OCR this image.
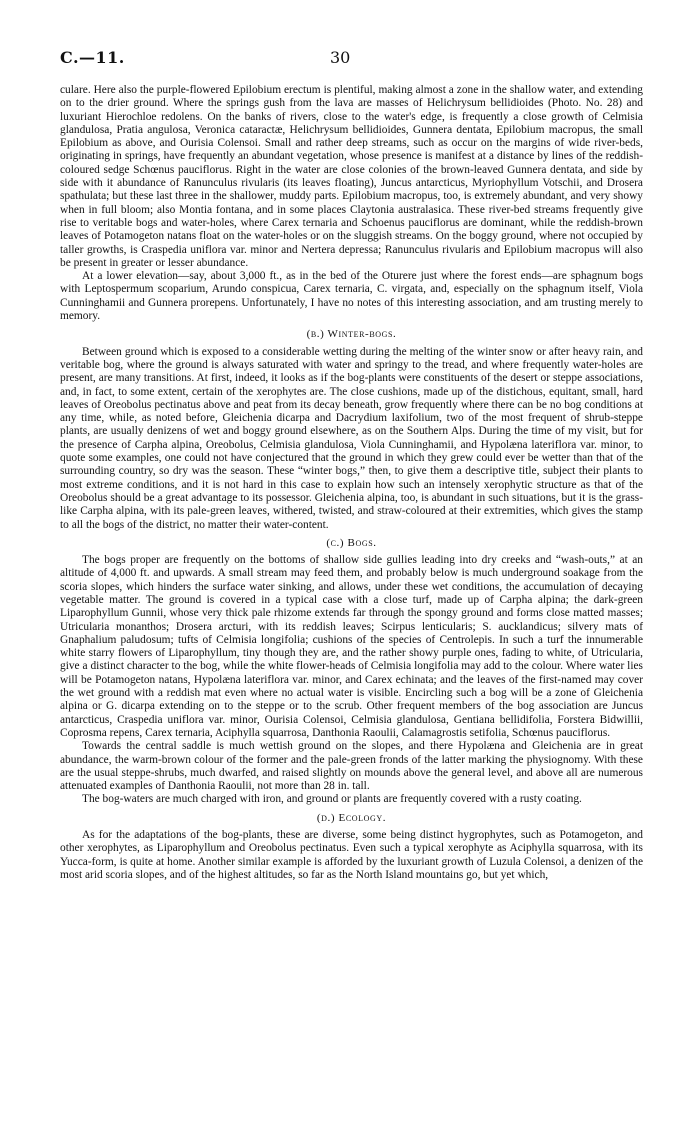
C.—11.	30

culare. Here also the purple-flowered Epilobium erectum is plentiful, making almost a zone in the shallow water, and extending on to the drier ground. Where the springs gush from the lava are masses of Helichrysum bellidioides (Photo. No. 28) and luxuriant Hierochloe redolens. On the banks of rivers, close to the water's edge, is frequently a close growth of Celmisia glandulosa, Pratia angulosa, Veronica cataractæ, Helichrysum bellidioides, Gunnera dentata, Epilobium macropus, the small Epilobium as above, and Ourisia Colensoi. Small and rather deep streams, such as occur on the margins of wide river-beds, originating in springs, have frequently an abundant vegetation, whose presence is manifest at a distance by lines of the reddish-coloured sedge Schœnus pauciflorus. Right in the water are close colonies of the brown-leaved Gunnera dentata, and side by side with it abundance of Ranunculus rivularis (its leaves floating), Juncus antarcticus, Myriophyllum Votschii, and Drosera spathulata; but these last three in the shallower, muddy parts. Epilobium macropus, too, is extremely abundant, and very showy when in full bloom; also Montia fontana, and in some places Claytonia australasica. These river-bed streams frequently give rise to veritable bogs and water-holes, where Carex ternaria and Schoenus pauciflorus are dominant, while the reddish-brown leaves of Potamogeton natans float on the water-holes or on the sluggish streams. On the boggy ground, where not occupied by taller growths, is Craspedia uniflora var. minor and Nertera depressa; Ranunculus rivularis and Epilobium macropus will also be present in greater or lesser abundance.

At a lower elevation—say, about 3,000 ft., as in the bed of the Oturere just where the forest ends—are sphagnum bogs with Leptospermum scoparium, Arundo conspicua, Carex ternaria, C. virgata, and, especially on the sphagnum itself, Viola Cunninghamii and Gunnera prorepens. Unfortunately, I have no notes of this interesting association, and am trusting merely to memory.

(b.) Winter-bogs.

Between ground which is exposed to a considerable wetting during the melting of the winter snow or after heavy rain, and veritable bog, where the ground is always saturated with water and springy to the tread, and where frequently water-holes are present, are many transitions. At first, indeed, it looks as if the bog-plants were constituents of the desert or steppe associations, and, in fact, to some extent, certain of the xerophytes are. The close cushions, made up of the distichous, equitant, small, hard leaves of Oreobolus pectinatus above and peat from its decay beneath, grow frequently where there can be no bog conditions at any time, while, as noted before, Gleichenia dicarpa and Dacrydium laxifolium, two of the most frequent of shrub-steppe plants, are usually denizens of wet and boggy ground elsewhere, as on the Southern Alps. During the time of my visit, but for the presence of Carpha alpina, Oreobolus, Celmisia glandulosa, Viola Cunninghamii, and Hypolæna lateriflora var. minor, to quote some examples, one could not have conjectured that the ground in which they grew could ever be wetter than that of the surrounding country, so dry was the season. These “winter bogs,” then, to give them a descriptive title, subject their plants to most extreme conditions, and it is not hard in this case to explain how such an intensely xerophytic structure as that of the Oreobolus should be a great advantage to its possessor. Gleichenia alpina, too, is abundant in such situations, but it is the grass-like Carpha alpina, with its pale-green leaves, withered, twisted, and straw-coloured at their extremities, which gives the stamp to all the bogs of the district, no matter their water-content.

(c.) Bogs.

The bogs proper are frequently on the bottoms of shallow side gullies leading into dry creeks and “wash-outs,” at an altitude of 4,000 ft. and upwards. A small stream may feed them, and probably below is much underground soakage from the scoria slopes, which hinders the surface water sinking, and allows, under these wet conditions, the accumulation of decaying vegetable matter. The ground is covered in a typical case with a close turf, made up of Carpha alpina; the dark-green Liparophyllum Gunnii, whose very thick pale rhizome extends far through the spongy ground and forms close matted masses; Utricularia monanthos; Drosera arcturi, with its reddish leaves; Scirpus lenticularis; S. aucklandicus; silvery mats of Gnaphalium paludosum; tufts of Celmisia longifolia; cushions of the species of Centrolepis. In such a turf the innumerable white starry flowers of Liparophyllum, tiny though they are, and the rather showy purple ones, fading to white, of Utricularia, give a distinct character to the bog, while the white flower-heads of Celmisia longifolia may add to the colour. Where water lies will be Potamogeton natans, Hypolæna lateriflora var. minor, and Carex echinata; and the leaves of the first-named may cover the wet ground with a reddish mat even where no actual water is visible. Encircling such a bog will be a zone of Gleichenia alpina or G. dicarpa extending on to the steppe or to the scrub. Other frequent members of the bog association are Juncus antarcticus, Craspedia uniflora var. minor, Ourisia Colensoi, Celmisia glandulosa, Gentiana bellidifolia, Forstera Bidwillii, Coprosma repens, Carex ternaria, Aciphylla squarrosa, Danthonia Raoulii, Calamagrostis setifolia, Schœnus pauciflorus.

Towards the central saddle is much wettish ground on the slopes, and there Hypolæna and Gleichenia are in great abundance, the warm-brown colour of the former and the pale-green fronds of the latter marking the physiognomy. With these are the usual steppe-shrubs, much dwarfed, and raised slightly on mounds above the general level, and above all are numerous attenuated examples of Danthonia Raoulii, not more than 28 in. tall.

The bog-waters are much charged with iron, and ground or plants are frequently covered with a rusty coating.

(d.) Ecology.

As for the adaptations of the bog-plants, these are diverse, some being distinct hygrophytes, such as Potamogeton, and other xerophytes, as Liparophyllum and Oreobolus pectinatus. Even such a typical xerophyte as Aciphylla squarrosa, with its Yucca-form, is quite at home. Another similar example is afforded by the luxuriant growth of Luzula Colensoi, a denizen of the most arid scoria slopes, and of the highest altitudes, so far as the North Island mountains go, but yet which,
